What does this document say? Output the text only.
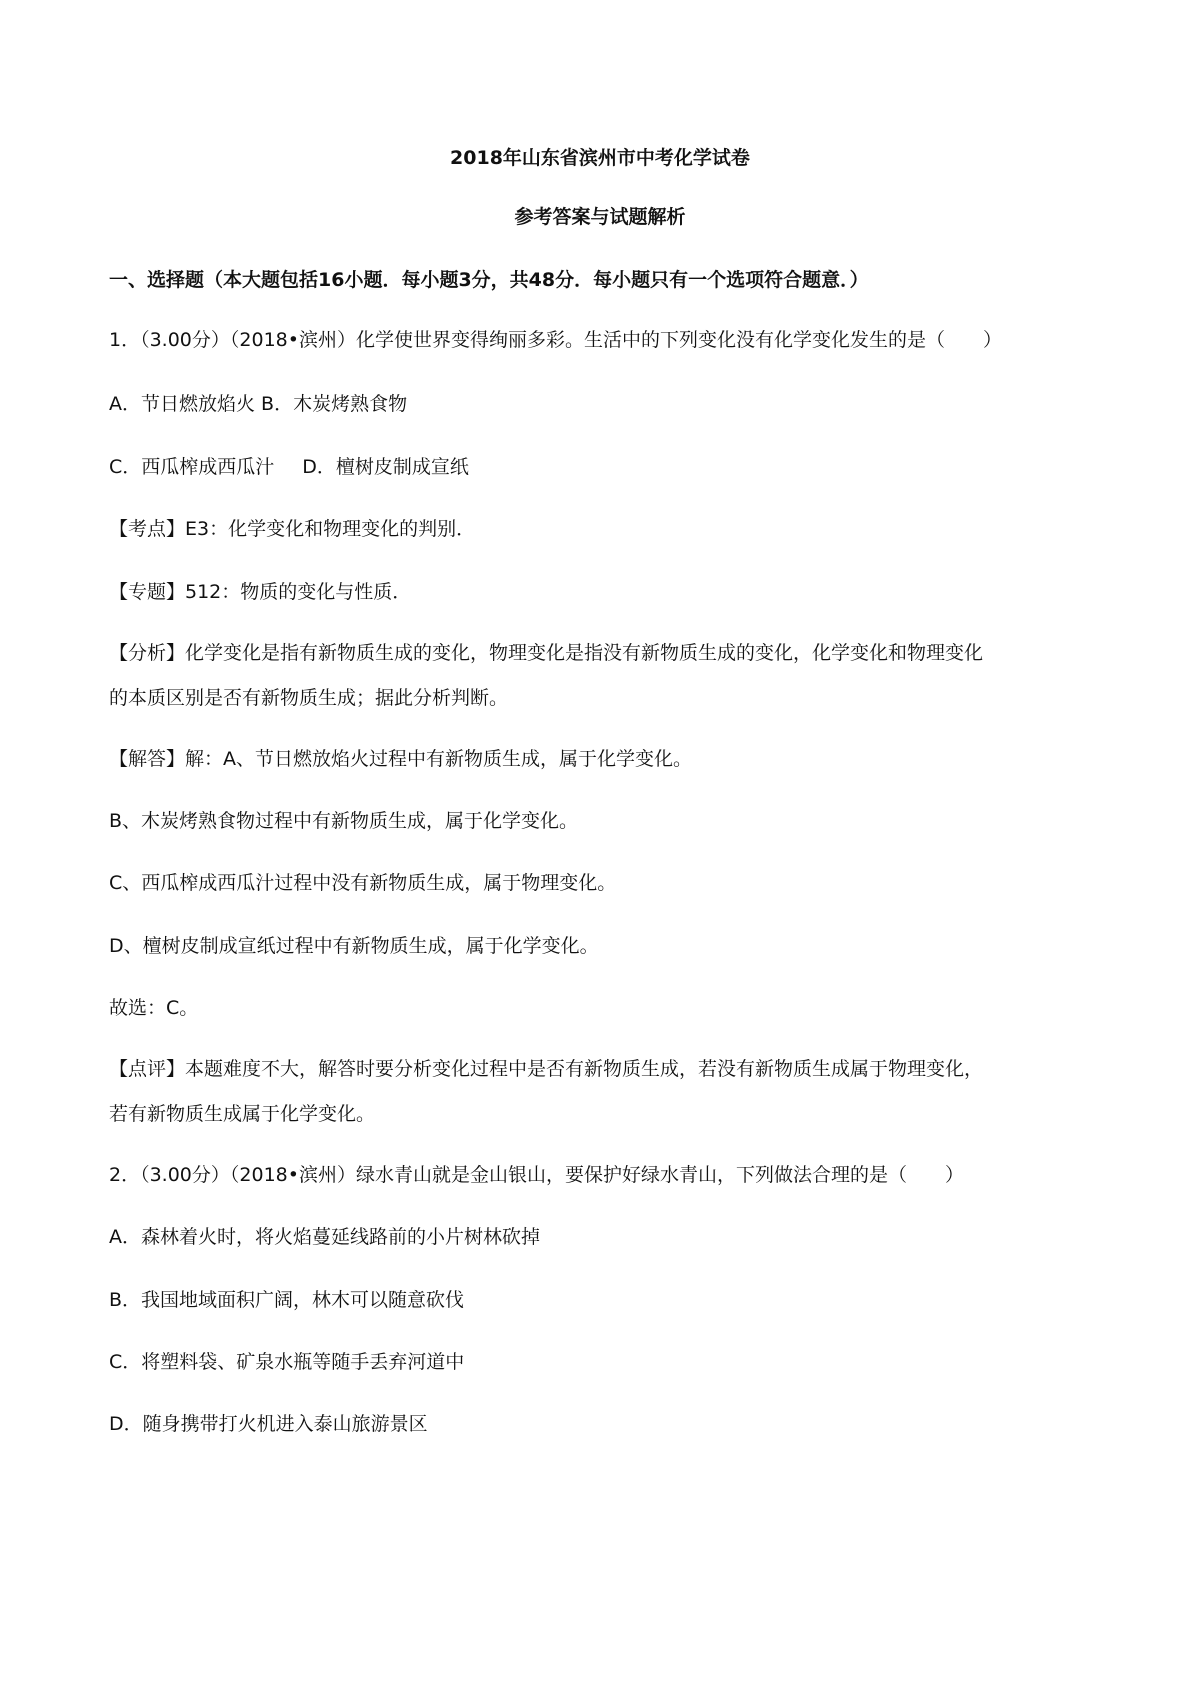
2018年山东省滨州市中考化学试卷
参考答案与试题解析
一、选择题（本大题包括16小题．每小题3分，共48分．每小题只有一个选项符合题意．）
1．（3.00分）（2018•滨州）化学使世界变得绚丽多彩。生活中的下列变化没有化学变化发生的是（　　）
A．节日燃放焰火 B．木炭烤熟食物
C．西瓜榨成西瓜汁 D．檀树皮制成宣纸
【考点】E3：化学变化和物理变化的判别．
【专题】512：物质的变化与性质．
【分析】化学变化是指有新物质生成的变化，物理变化是指没有新物质生成的变化，化学变化和物理变化
的本质区别是否有新物质生成；据此分析判断。
【解答】解：A、节日燃放焰火过程中有新物质生成，属于化学变化。
B、木炭烤熟食物过程中有新物质生成，属于化学变化。
C、西瓜榨成西瓜汁过程中没有新物质生成，属于物理变化。
D、檀树皮制成宣纸过程中有新物质生成，属于化学变化。
故选：C。
【点评】本题难度不大，解答时要分析变化过程中是否有新物质生成，若没有新物质生成属于物理变化，
若有新物质生成属于化学变化。
2．（3.00分）（2018•滨州）绿水青山就是金山银山，要保护好绿水青山，下列做法合理的是（　　）
A．森林着火时，将火焰蔓延线路前的小片树林砍掉
B．我国地域面积广阔，林木可以随意砍伐
C．将塑料袋、矿泉水瓶等随手丢弃河道中
D．随身携带打火机进入泰山旅游景区
